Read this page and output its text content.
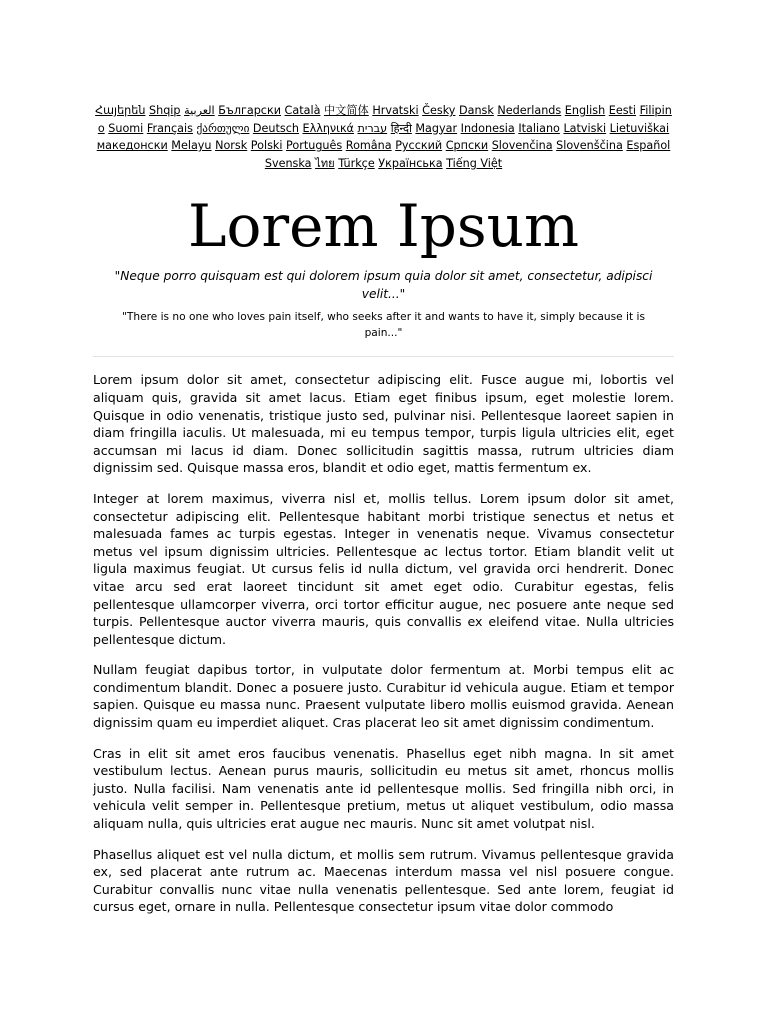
Հայերեն Shqip العربية Български Català 中文简体 Hrvatski Česky Dansk Nederlands English Eesti Filipino Suomi Français ქართული Deutsch Ελληνικά עברית हिन्दी Magyar Indonesia Italiano Latviski Lietuviškai македонски Melayu Norsk Polski Português Româna Pyccкий Српски Slovenčina Slovenščina Español Svenska ไทย Türkçe Українська Tiếng Việt
Lorem Ipsum

"Neque porro quisquam est qui dolorem ipsum quia dolor sit amet, consectetur, adipisci velit..."

"There is no one who loves pain itself, who seeks after it and wants to have it, simply because it is pain..."

Lorem ipsum dolor sit amet, consectetur adipiscing elit. Fusce augue mi, lobortis vel aliquam quis, gravida sit amet lacus. Etiam eget finibus ipsum, eget molestie lorem. Quisque in odio venenatis, tristique justo sed, pulvinar nisi. Pellentesque laoreet sapien in diam fringilla iaculis. Ut malesuada, mi eu tempus tempor, turpis ligula ultricies elit, eget accumsan mi lacus id diam. Donec sollicitudin sagittis massa, rutrum ultricies diam dignissim sed. Quisque massa eros, blandit et odio eget, mattis fermentum ex.

Integer at lorem maximus, viverra nisl et, mollis tellus. Lorem ipsum dolor sit amet, consectetur adipiscing elit. Pellentesque habitant morbi tristique senectus et netus et malesuada fames ac turpis egestas. Integer in venenatis neque. Vivamus consectetur metus vel ipsum dignissim ultricies. Pellentesque ac lectus tortor. Etiam blandit velit ut ligula maximus feugiat. Ut cursus felis id nulla dictum, vel gravida orci hendrerit. Donec vitae arcu sed erat laoreet tincidunt sit amet eget odio. Curabitur egestas, felis pellentesque ullamcorper viverra, orci tortor efficitur augue, nec posuere ante neque sed turpis. Pellentesque auctor viverra mauris, quis convallis ex eleifend vitae. Nulla ultricies pellentesque dictum.

Nullam feugiat dapibus tortor, in vulputate dolor fermentum at. Morbi tempus elit ac condimentum blandit. Donec a posuere justo. Curabitur id vehicula augue. Etiam et tempor sapien. Quisque eu massa nunc. Praesent vulputate libero mollis euismod gravida. Aenean dignissim quam eu imperdiet aliquet. Cras placerat leo sit amet dignissim condimentum.

Cras in elit sit amet eros faucibus venenatis. Phasellus eget nibh magna. In sit amet vestibulum lectus. Aenean purus mauris, sollicitudin eu metus sit amet, rhoncus mollis justo. Nulla facilisi. Nam venenatis ante id pellentesque mollis. Sed fringilla nibh orci, in vehicula velit semper in. Pellentesque pretium, metus ut aliquet vestibulum, odio massa aliquam nulla, quis ultricies erat augue nec mauris. Nunc sit amet volutpat nisl.

Phasellus aliquet est vel nulla dictum, et mollis sem rutrum. Vivamus pellentesque gravida ex, sed placerat ante rutrum ac. Maecenas interdum massa vel nisl posuere congue. Curabitur convallis nunc vitae nulla venenatis pellentesque. Sed ante lorem, feugiat id cursus eget, ornare in nulla. Pellentesque consectetur ipsum vitae dolor commodo
